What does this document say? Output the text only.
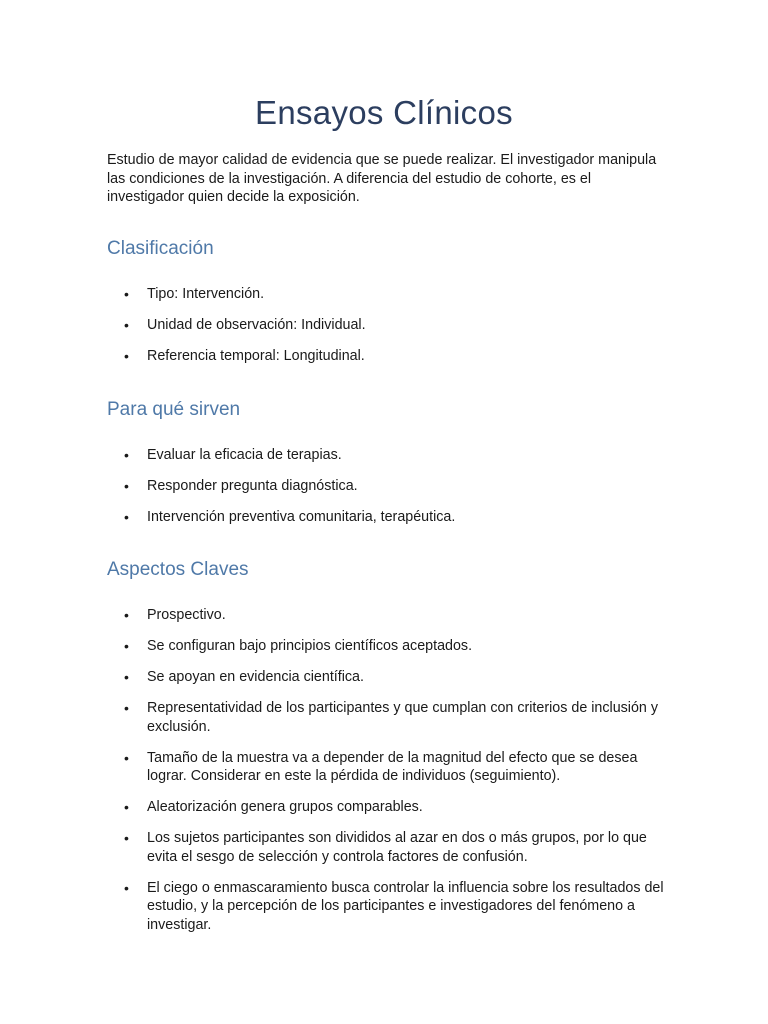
Ensayos Clínicos

Estudio de mayor calidad de evidencia que se puede realizar. El investigador manipula las condiciones de la investigación. A diferencia del estudio de cohorte, es el investigador quien decide la exposición.

Clasificación
• Tipo: Intervención.
• Unidad de observación: Individual.
• Referencia temporal: Longitudinal.
Para qué sirven
• Evaluar la eficacia de terapias.
• Responder pregunta diagnóstica.
• Intervención preventiva comunitaria, terapéutica.
Aspectos Claves
• Prospectivo.
• Se configuran bajo principios científicos aceptados.
• Se apoyan en evidencia científica.
• Representatividad de los participantes y que cumplan con criterios de inclusión y exclusión.
• Tamaño de la muestra va a depender de la magnitud del efecto que se desea lograr. Considerar en este la pérdida de individuos (seguimiento).
• Aleatorización genera grupos comparables.
• Los sujetos participantes son divididos al azar en dos o más grupos, por lo que evita el sesgo de selección y controla factores de confusión.
• El ciego o enmascaramiento busca controlar la influencia sobre los resultados del estudio, y la percepción de los participantes e investigadores del fenómeno a investigar.
